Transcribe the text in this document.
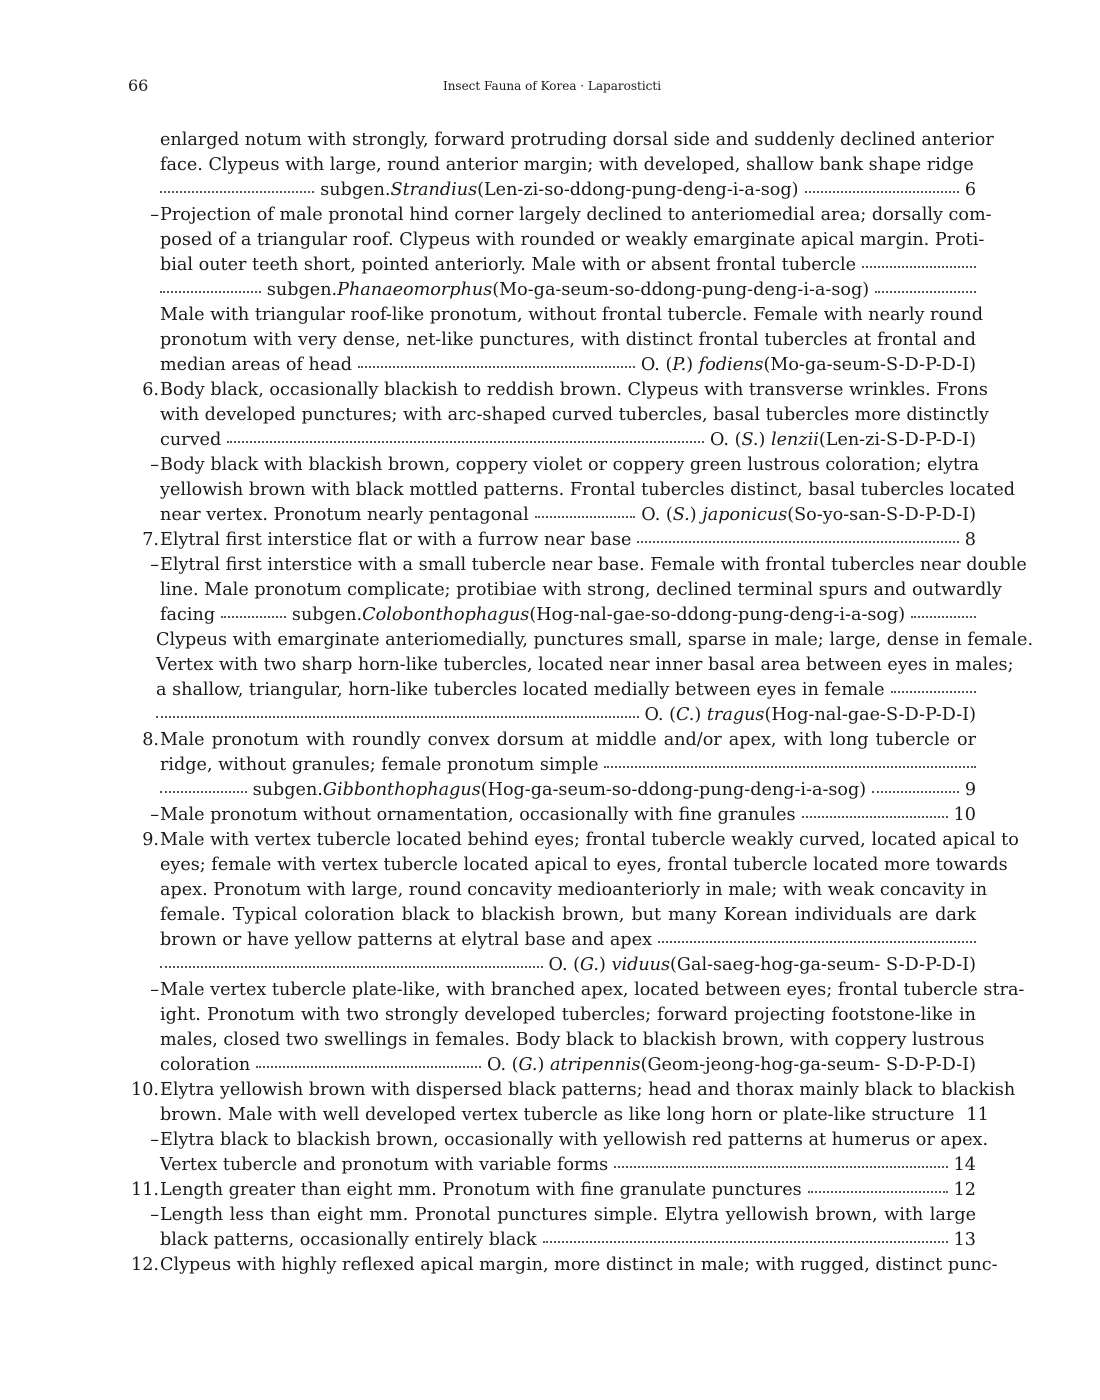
66	Insect Fauna of Korea · Laparosticti
enlarged notum with strongly, forward protruding dorsal side and suddenly declined anterior
face. Clypeus with large, round anterior margin; with developed, shallow bank shape ridge
subgen.Strandius(Len-zi-so-ddong-pung-deng-i-a-sog)	6
– Projection of male pronotal hind corner largely declined to anteriomedial area; dorsally com-
posed of a triangular roof. Clypeus with rounded or weakly emarginate apical margin. Proti-
bial outer teeth short, pointed anteriorly. Male with or absent frontal tubercle
subgen.Phanaeomorphus(Mo-ga-seum-so-ddong-pung-deng-i-a-sog)
Male with triangular roof-like pronotum, without frontal tubercle. Female with nearly round
pronotum with very dense, net-like punctures, with distinct frontal tubercles at frontal and
median areas of head	O. (P.) fodiens(Mo-ga-seum-S-D-P-D-I)
6. Body black, occasionally blackish to reddish brown. Clypeus with transverse wrinkles. Frons
with developed punctures; with arc-shaped curved tubercles, basal tubercles more distinctly
curved	O. (S.) lenzii(Len-zi-S-D-P-D-I)
– Body black with blackish brown, coppery violet or coppery green lustrous coloration; elytra
yellowish brown with black mottled patterns. Frontal tubercles distinct, basal tubercles located
near vertex. Pronotum nearly pentagonal	O. (S.) japonicus(So-yo-san-S-D-P-D-I)
7. Elytral first interstice flat or with a furrow near base	8
– Elytral first interstice with a small tubercle near base. Female with frontal tubercles near double
line. Male pronotum complicate; protibiae with strong, declined terminal spurs and outwardly
facing	subgen.Colobonthophagus(Hog-nal-gae-so-ddong-pung-deng-i-a-sog)
Clypeus with emarginate anteriomedially, punctures small, sparse in male; large, dense in female.
Vertex with two sharp horn-like tubercles, located near inner basal area between eyes in males;
a shallow, triangular, horn-like tubercles located medially between eyes in female
O. (C.) tragus(Hog-nal-gae-S-D-P-D-I)
8. Male pronotum with roundly convex dorsum at middle and/or apex, with long tubercle or
ridge, without granules; female pronotum simple
subgen.Gibbonthophagus(Hog-ga-seum-so-ddong-pung-deng-i-a-sog)	9
– Male pronotum without ornamentation, occasionally with fine granules	10
9. Male with vertex tubercle located behind eyes; frontal tubercle weakly curved, located apical to
eyes; female with vertex tubercle located apical to eyes, frontal tubercle located more towards
apex. Pronotum with large, round concavity medioanteriorly in male; with weak concavity in
female. Typical coloration black to blackish brown, but many Korean individuals are dark
brown or have yellow patterns at elytral base and apex
O. (G.) viduus(Gal-saeg-hog-ga-seum- S-D-P-D-I)
– Male vertex tubercle plate-like, with branched apex, located between eyes; frontal tubercle stra-
ight. Pronotum with two strongly developed tubercles; forward projecting footstone-like in
males, closed two swellings in females. Body black to blackish brown, with coppery lustrous
coloration	O. (G.) atripennis(Geom-jeong-hog-ga-seum- S-D-P-D-I)
10. Elytra yellowish brown with dispersed black patterns; head and thorax mainly black to blackish
brown. Male with well developed vertex tubercle as like long horn or plate-like structure 11
– Elytra black to blackish brown, occasionally with yellowish red patterns at humerus or apex.
Vertex tubercle and pronotum with variable forms	14
11. Length greater than eight mm. Pronotum with fine granulate punctures	12
– Length less than eight mm. Pronotal punctures simple. Elytra yellowish brown, with large
black patterns, occasionally entirely black	13
12. Clypeus with highly reflexed apical margin, more distinct in male; with rugged, distinct punc-
